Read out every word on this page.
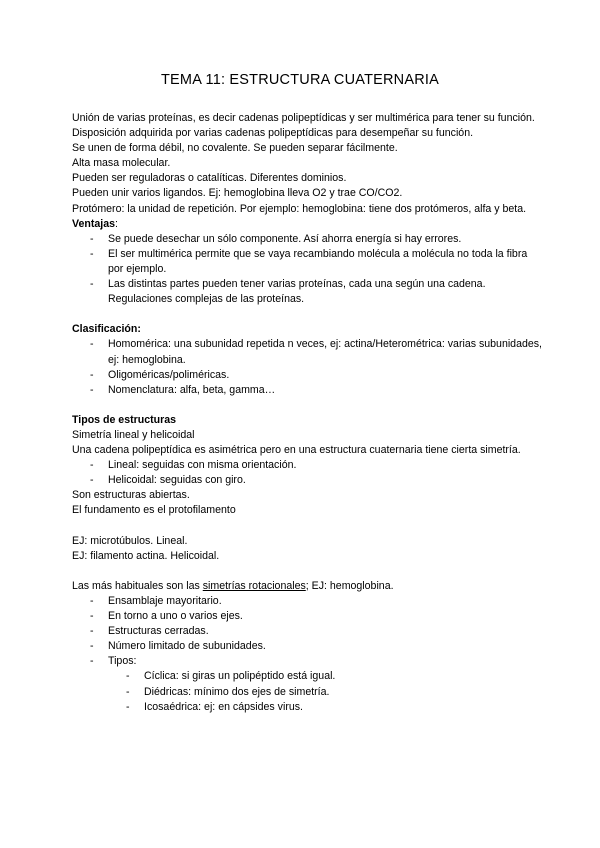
TEMA 11: ESTRUCTURA CUATERNARIA

Unión de varias proteínas, es decir cadenas polipeptídicas y ser multimérica para tener su función.

Disposición adquirida por varias cadenas polipeptídicas para desempeñar su función.

Se unen de forma débil, no covalente. Se pueden separar fácilmente.

Alta masa molecular.

Pueden ser reguladoras o catalíticas. Diferentes dominios.

Pueden unir varios ligandos. Ej: hemoglobina lleva O2 y trae CO/CO2.

Protómero: la unidad de repetición. Por ejemplo: hemoglobina: tiene dos protómeros, alfa y beta.

Ventajas:

- Se puede desechar un sólo componente. Así ahorra energía si hay errores.
- El ser multimérica permite que se vaya recambiando molécula a molécula no toda la fibra por ejemplo.
- Las distintas partes pueden tener varias proteínas, cada una según una cadena. Regulaciones complejas de las proteínas.

Clasificación:

- Homomérica: una subunidad repetida n veces, ej: actina/Heterométrica: varias subunidades, ej: hemoglobina.
- Oligoméricas/poliméricas.
- Nomenclatura: alfa, beta, gamma…

Tipos de estructuras

Simetría lineal y helicoidal

Una cadena polipeptídica es asimétrica pero en una estructura cuaternaria tiene cierta simetría.

- Lineal: seguidas con misma orientación.
- Helicoidal: seguidas con giro.

Son estructuras abiertas.

El fundamento es el protofilamento

EJ: microtúbulos. Lineal.

EJ: filamento actina. Helicoidal.

Las más habituales son las simetrías rotacionales; EJ: hemoglobina.

- Ensamblaje mayoritario.
- En torno a uno o varios ejes.
- Estructuras cerradas.
- Número limitado de subunidades.
- Tipos:
- Cíclica: si giras un polipéptido está igual.
- Diédricas: mínimo dos ejes de simetría.
- Icosaédrica: ej: en cápsides virus.
